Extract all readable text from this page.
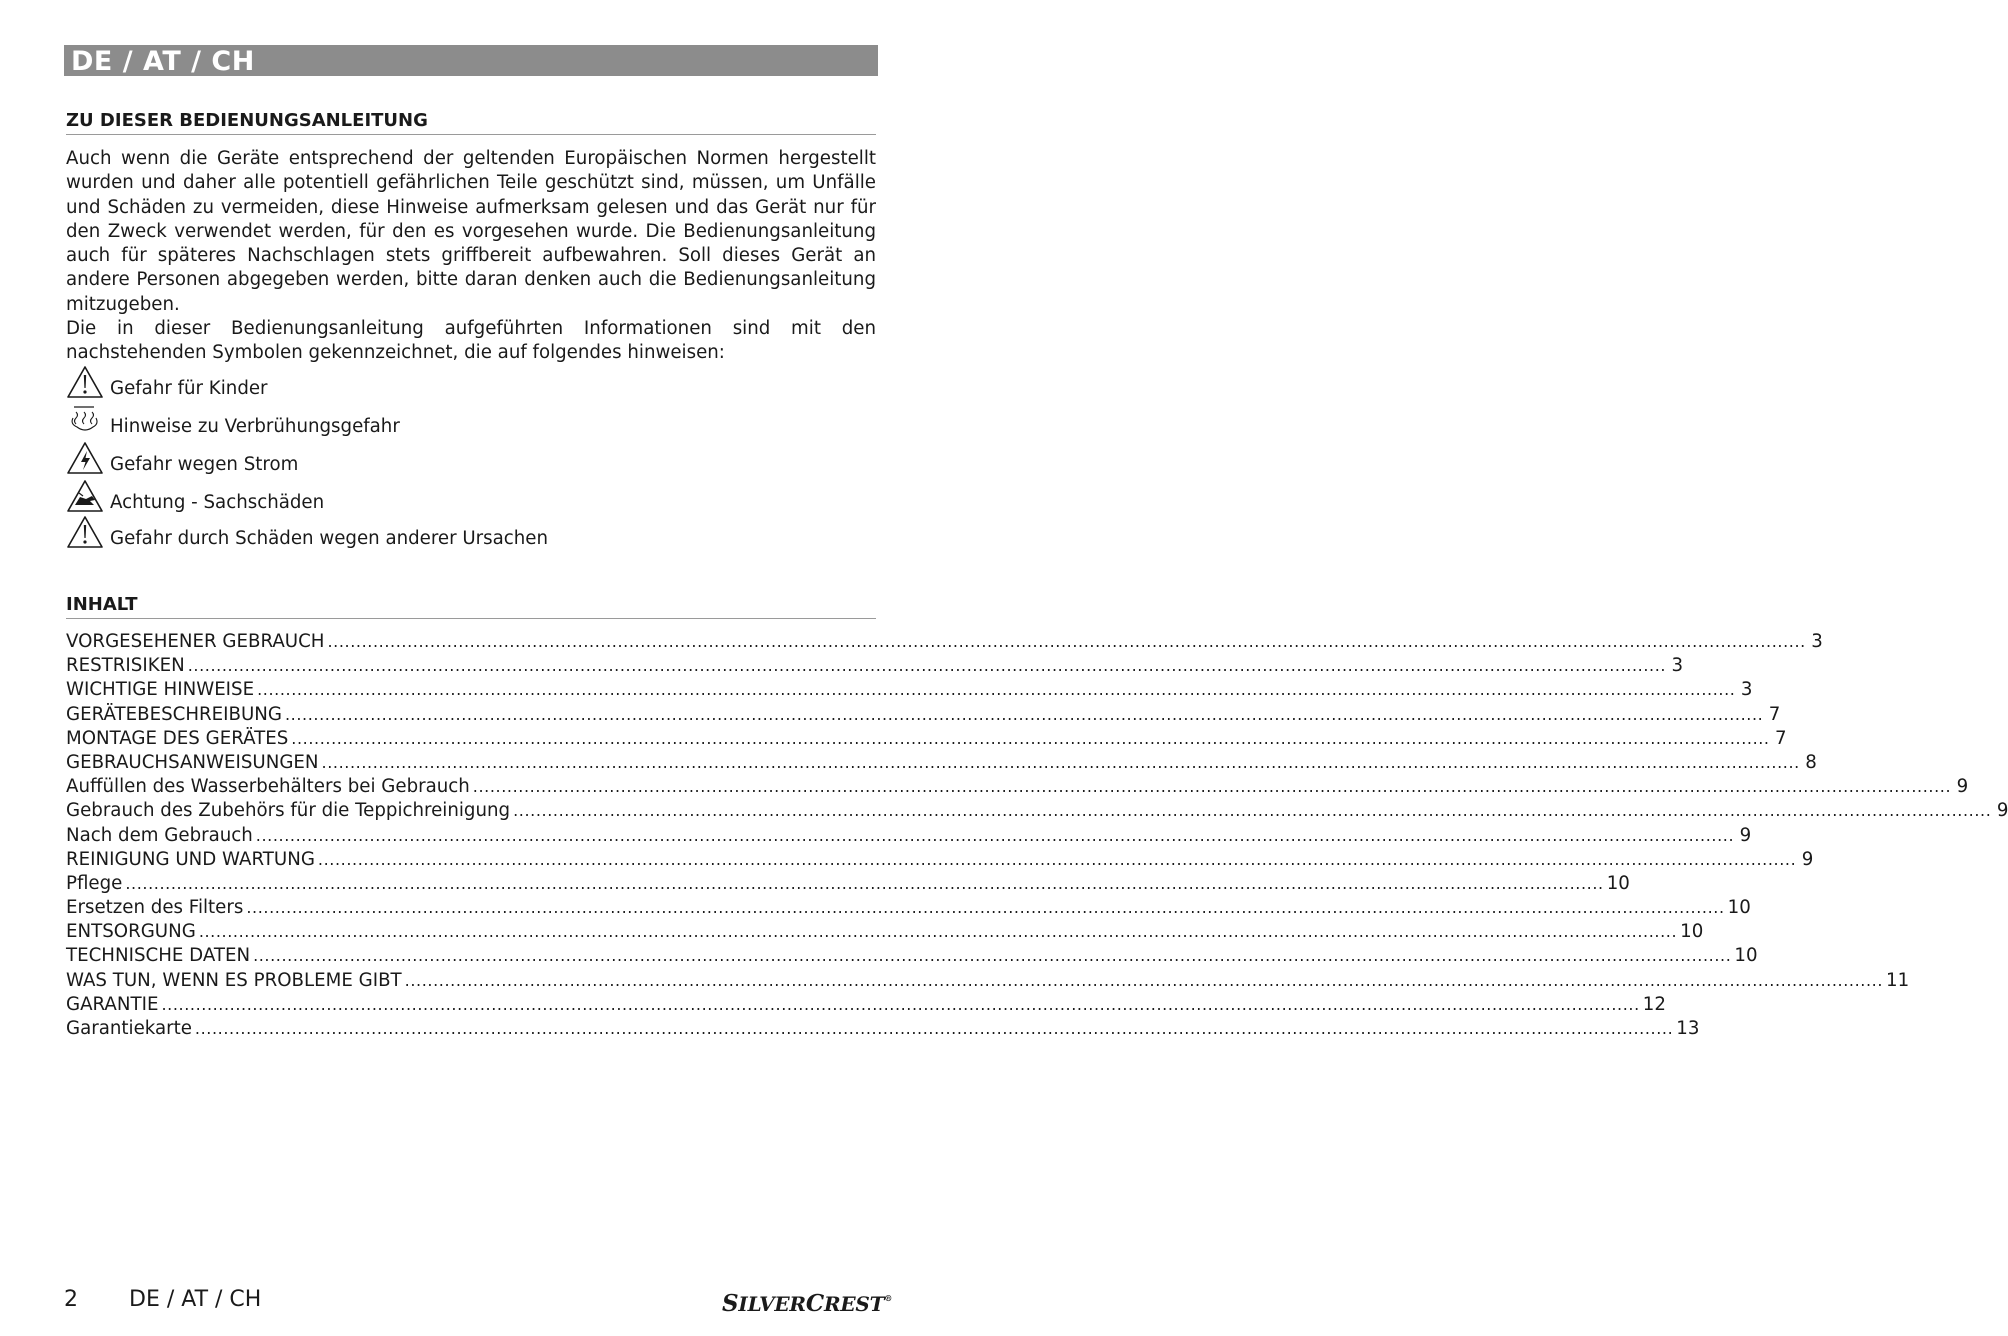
DE / AT / CH
ZU DIESER BEDIENUNGSANLEITUNG

Auch wenn die Geräte entsprechend der geltenden Europäischen Normen hergestellt wurden und daher alle potentiell gefährlichen Teile geschützt sind, müssen, um Unfälle und Schäden zu vermeiden, diese Hinweise aufmerksam gelesen und das Gerät nur für den Zweck verwendet werden, für den es vorgesehen wurde. Die Bedienungsanleitung auch für späteres Nachschlagen stets griffbereit aufbewahren. Soll dieses Gerät an andere Personen abgegeben werden, bitte daran denken auch die Bedienungsanleitung mitzugeben.

Die in dieser Bedienungsanleitung aufgeführten Informationen sind mit den nachstehenden Symbolen gekennzeichnet, die auf folgendes hinweisen:

Gefahr für Kinder
Hinweise zu Verbrühungsgefahr
Gefahr wegen Strom
Achtung - Sachschäden
Gefahr durch Schäden wegen anderer Ursachen
INHALT
VORGESEHENER GEBRAUCH .................................................................................................................................................................................................................................................................... 3
RESTRISIKEN .................................................................................................................................................................................................................................................................... 3
WICHTIGE HINWEISE .................................................................................................................................................................................................................................................................... 3
GERÄTEBESCHREIBUNG .................................................................................................................................................................................................................................................................... 7
MONTAGE DES GERÄTES .................................................................................................................................................................................................................................................................... 7
GEBRAUCHSANWEISUNGEN .................................................................................................................................................................................................................................................................... 8
Auffüllen des Wasserbehälters bei Gebrauch .................................................................................................................................................................................................................................................................... 9
Gebrauch des Zubehörs für die Teppichreinigung .................................................................................................................................................................................................................................................................... 9
Nach dem Gebrauch .................................................................................................................................................................................................................................................................... 9
REINIGUNG UND WARTUNG .................................................................................................................................................................................................................................................................... 9
Pflege .................................................................................................................................................................................................................................................................... 10
Ersetzen des Filters .................................................................................................................................................................................................................................................................... 10
ENTSORGUNG .................................................................................................................................................................................................................................................................... 10
TECHNISCHE DATEN .................................................................................................................................................................................................................................................................... 10
WAS TUN, WENN ES PROBLEME GIBT .................................................................................................................................................................................................................................................................... 11
GARANTIE .................................................................................................................................................................................................................................................................... 12
Garantiekarte .................................................................................................................................................................................................................................................................... 13
2 DE / AT / CH	SILVERCREST®
